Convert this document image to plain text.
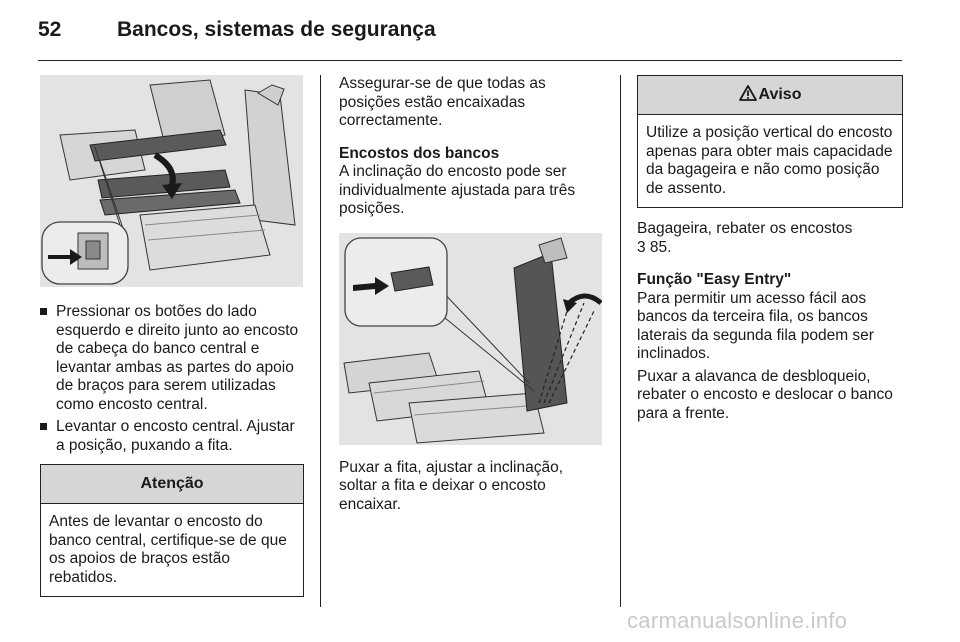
52	Bancos, sistemas de segurança
Pressionar os botões do lado esquerdo e direito junto ao encosto de cabeça do banco central e levantar ambas as partes do apoio de braços para serem utilizadas como encosto central.
Levantar o encosto central. Ajustar a posição, puxando a fita.
Atenção
Antes de levantar o encosto do banco central, certifique-se de que os apoios de braços estão rebatidos.

Assegurar-se de que todas as posições estão encaixadas correctamente.

Encostos dos bancos

A inclinação do encosto pode ser individualmente ajustada para três posições.

Puxar a fita, ajustar a inclinação, soltar a fita e deixar o encosto encaixar.

Aviso
Utilize a posição vertical do encosto apenas para obter mais capacidade da bagageira e não como posição de assento.

Bagageira, rebater os encostos
3 85.

Função "Easy Entry"

Para permitir um acesso fácil aos bancos da terceira fila, os bancos laterais da segunda fila podem ser inclinados.

Puxar a alavanca de desbloqueio, rebater o encosto e deslocar o banco para a frente.

carmanualsonline.info
